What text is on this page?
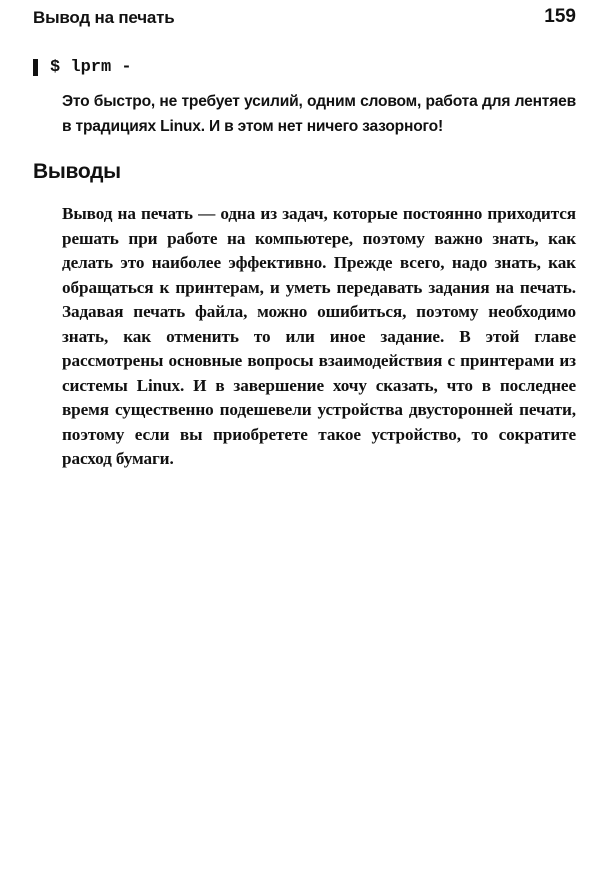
Вывод на печать	159
$ lprm -

Это быстро, не требует усилий, одним словом, работа для лентяев в традициях Linux. И в этом нет ничего зазорного!

Выводы

Вывод на печать — одна из задач, которые постоянно приходится решать при работе на компьютере, поэтому важно знать, как делать это наиболее эффективно. Прежде всего, надо знать, как обращаться к принтерам, и уметь передавать задания на печать. Задавая печать файла, можно ошибиться, поэтому необходимо знать, как отменить то или иное задание. В этой главе рассмотрены основные вопросы взаимодействия с принтерами из системы Linux. И в завершение хочу сказать, что в последнее время существенно подешевели устройства двусторонней печати, поэтому если вы приобретете такое устройство, то сократите расход бумаги.
